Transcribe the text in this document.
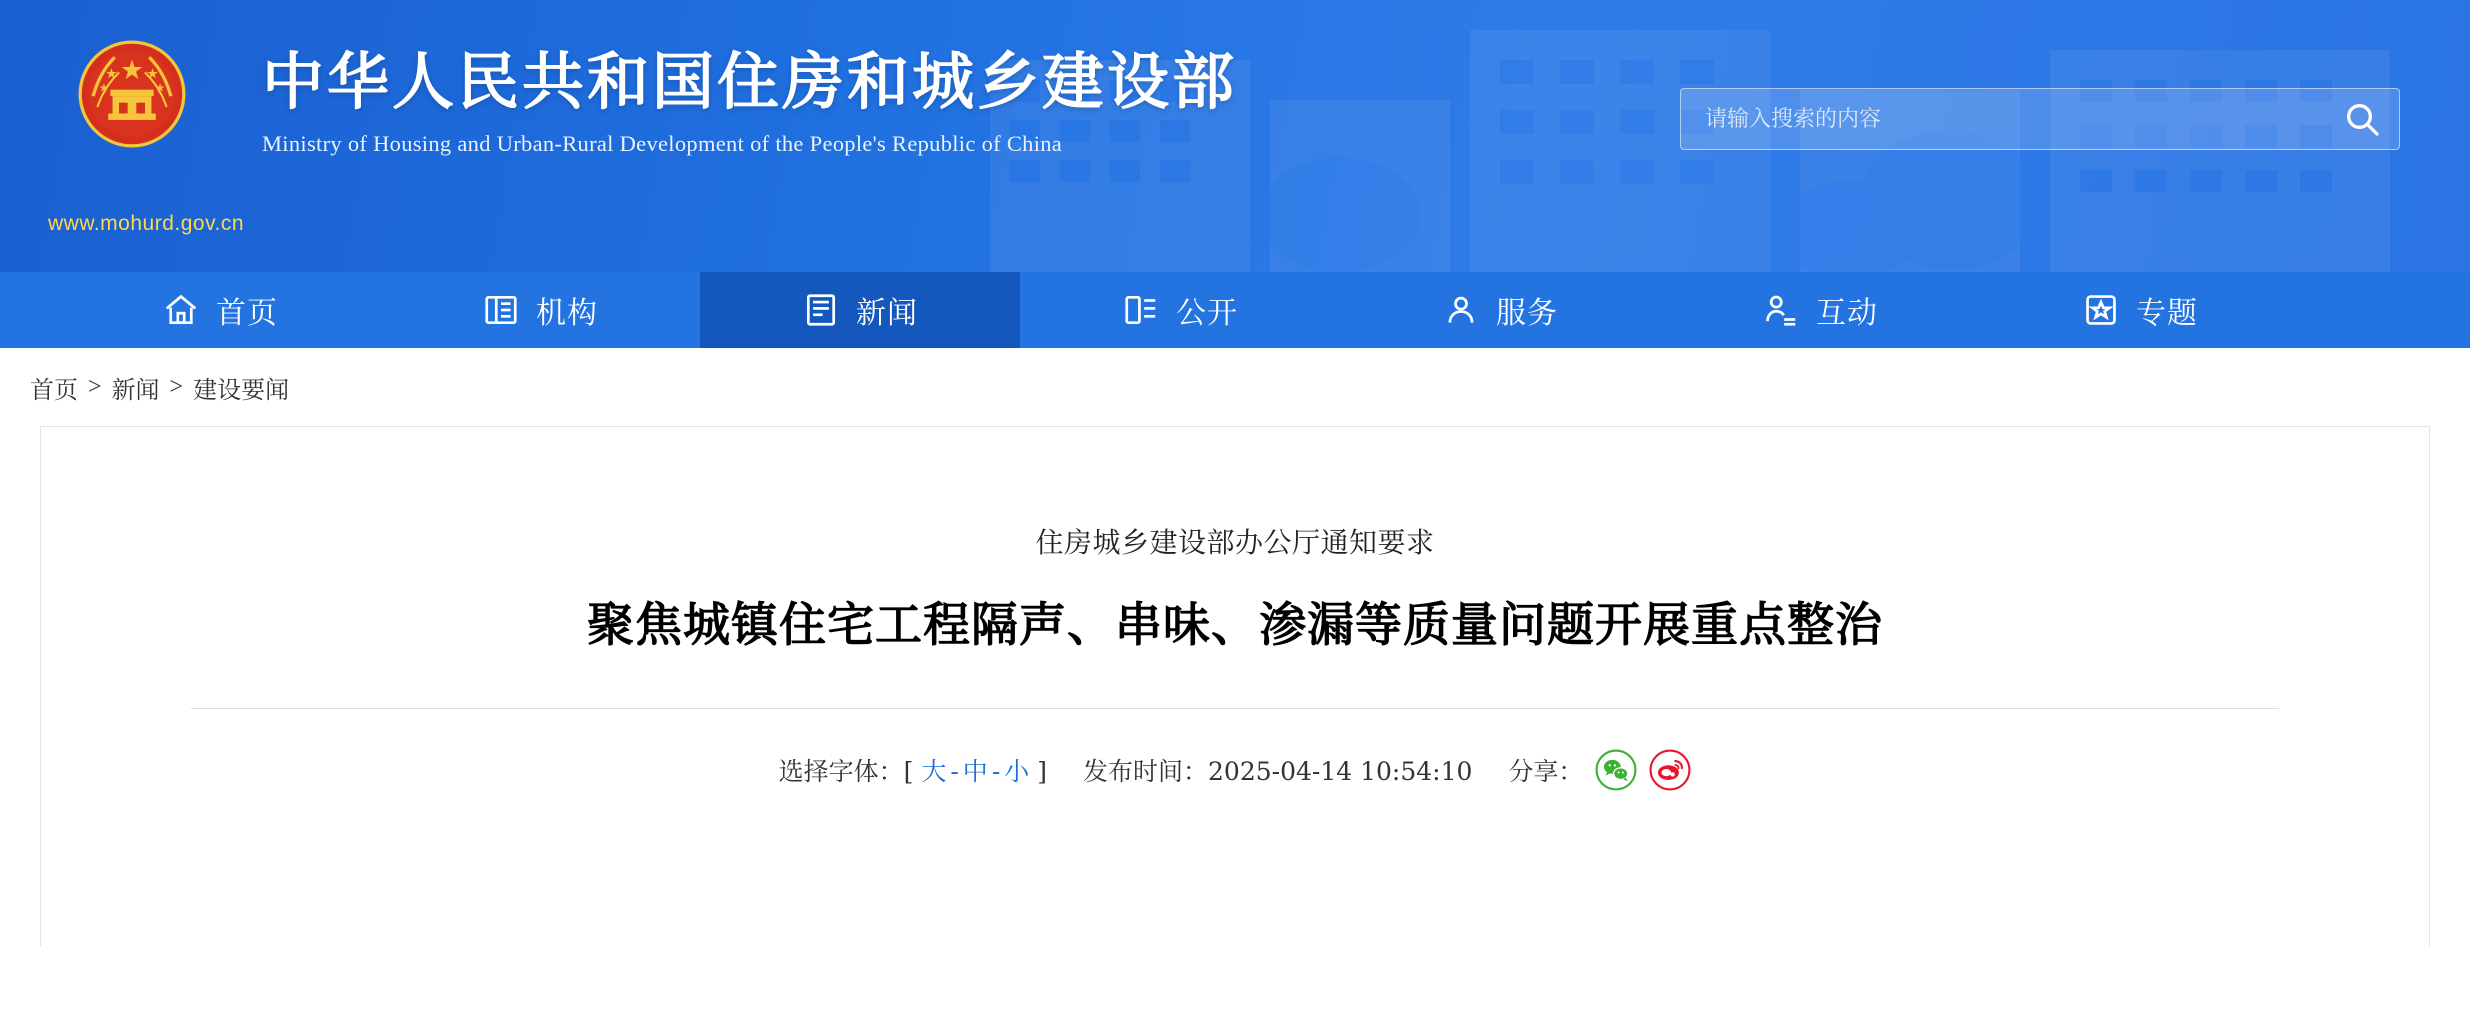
www.mohurd.gov.cn
中华人民共和国住房和城乡建设部
Ministry of Housing and Urban-Rural Development of the People's Republic of China
请输入搜索的内容
首页	机构	新闻	公开	服务	互动	专题
首页 > 新闻 > 建设要闻
住房城乡建设部办公厅通知要求
聚焦城镇住宅工程隔声、串味、渗漏等质量问题开展重点整治
选择字体：[ 大 - 中 - 小 ] 发布时间：2025-04-14 10:54:10 分享：
